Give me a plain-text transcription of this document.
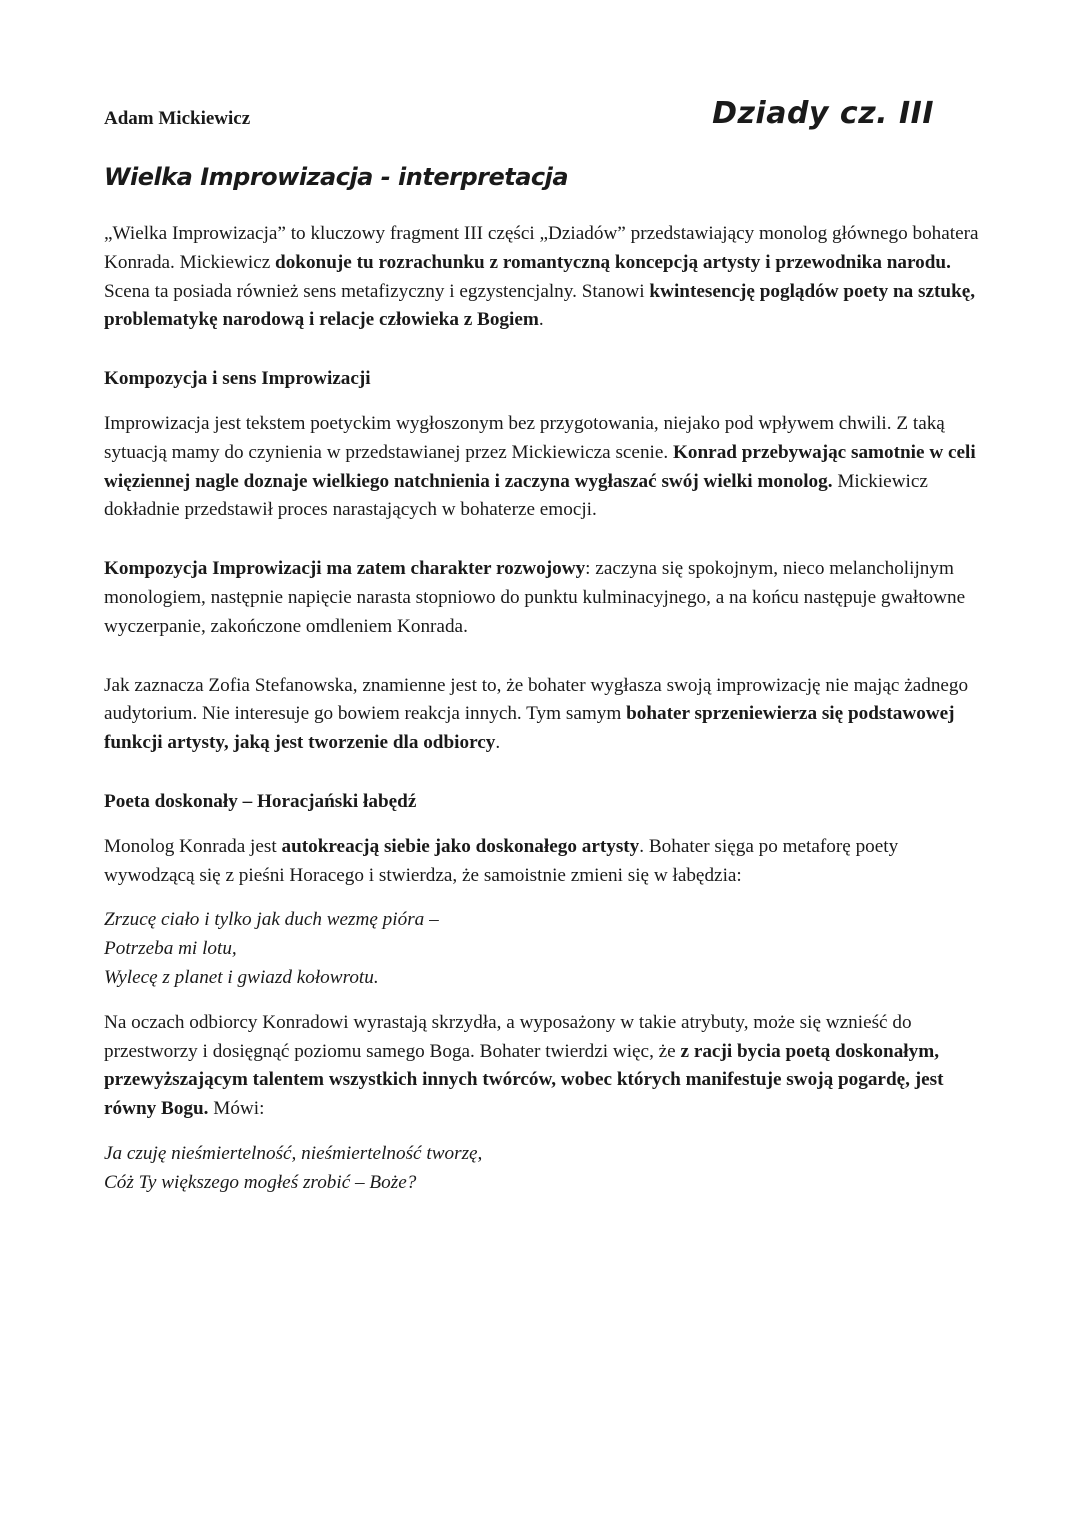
Adam Mickiewicz	Dziady cz. III

Wielka Improwizacja - interpretacja

„Wielka Improwizacja” to kluczowy fragment III części „Dziadów” przedstawiający monolog głównego bohatera Konrada. Mickiewicz dokonuje tu rozrachunku z romantyczną koncepcją artysty i przewodnika narodu. Scena ta posiada również sens metafizyczny i egzystencjalny. Stanowi kwintesencję poglądów poety na sztukę, problematykę narodową i relacje człowieka z Bogiem.

Kompozycja i sens Improwizacji

Improwizacja jest tekstem poetyckim wygłoszonym bez przygotowania, niejako pod wpływem chwili. Z taką sytuacją mamy do czynienia w przedstawianej przez Mickiewicza scenie. Konrad przebywając samotnie w celi więziennej nagle doznaje wielkiego natchnienia i zaczyna wygłaszać swój wielki monolog. Mickiewicz dokładnie przedstawił proces narastających w bohaterze emocji.

Kompozycja Improwizacji ma zatem charakter rozwojowy: zaczyna się spokojnym, nieco melancholijnym monologiem, następnie napięcie narasta stopniowo do punktu kulminacyjnego, a na końcu następuje gwałtowne wyczerpanie, zakończone omdleniem Konrada.

Jak zaznacza Zofia Stefanowska, znamienne jest to, że bohater wygłasza swoją improwizację nie mając żadnego audytorium. Nie interesuje go bowiem reakcja innych. Tym samym bohater sprzeniewierza się podstawowej funkcji artysty, jaką jest tworzenie dla odbiorcy.

Poeta doskonały – Horacjański łabędź

Monolog Konrada jest autokreacją siebie jako doskonałego artysty. Bohater sięga po metaforę poety wywodzącą się z pieśni Horacego i stwierdza, że samoistnie zmieni się w łabędzia:

Zrzucę ciało i tylko jak duch wezmę pióra –
Potrzeba mi lotu,
Wylecę z planet i gwiazd kołowrotu.

Na oczach odbiorcy Konradowi wyrastają skrzydła, a wyposażony w takie atrybuty, może się wznieść do przestworzy i dosięgnąć poziomu samego Boga. Bohater twierdzi więc, że z racji bycia poetą doskonałym, przewyższającym talentem wszystkich innych twórców, wobec których manifestuje swoją pogardę, jest równy Bogu. Mówi:

Ja czuję nieśmiertelność, nieśmiertelność tworzę,
Cóż Ty większego mogłeś zrobić – Boże?
